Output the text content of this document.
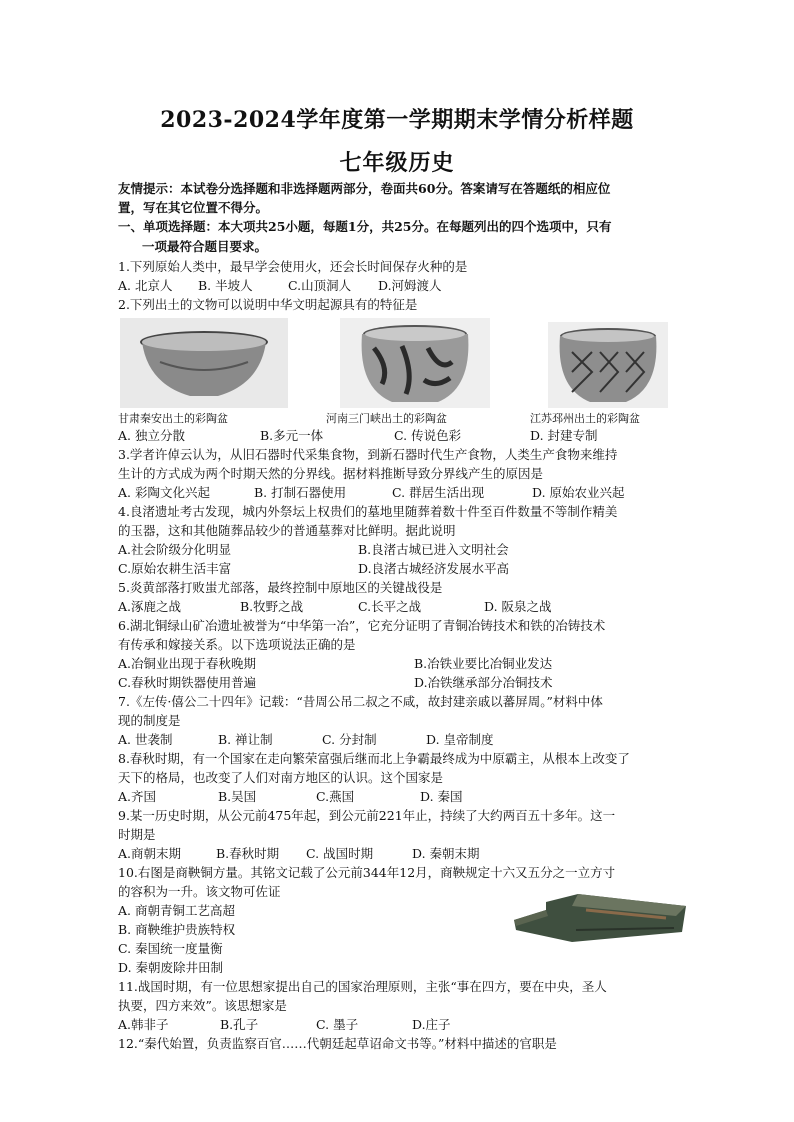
2023-2024学年度第一学期期末学情分析样题
七年级历史
友情提示：本试卷分选择题和非选择题两部分，卷面共60分。答案请写在答题纸的相应位
置，写在其它位置不得分。
一、单项选择题：本大项共25小题，每题1分，共25分。在每题列出的四个选项中，只有
一项最符合题目要求。
1.下列原始人类中，最早学会使用火，还会长时间保存火种的是
A. 北京人 B. 半坡人	C.山顶洞人 D.河姆渡人
2.下列出土的文物可以说明中华文明起源具有的特征是
甘肃秦安出土的彩陶盆	河南三门峡出土的彩陶盆	江苏邳州出土的彩陶盆
A. 独立分散	B.多元一体	C. 传说色彩	D. 封建专制
3.学者许倬云认为，从旧石器时代采集食物，到新石器时代生产食物，人类生产食物来维持
生计的方式成为两个时期天然的分界线。据材料推断导致分界线产生的原因是
A. 彩陶文化兴起	B. 打制石器使用	C. 群居生活出现	D. 原始农业兴起
4.良渚遗址考古发现，城内外祭坛上权贵们的墓地里随葬着数十件至百件数量不等制作精美
的玉器，这和其他随葬品较少的普通墓葬对比鲜明。据此说明
A.社会阶级分化明显	B.良渚古城已进入文明社会
C.原始农耕生活丰富	D.良渚古城经济发展水平高
5.炎黄部落打败蚩尤部落，最终控制中原地区的关键战役是
A.涿鹿之战	B.牧野之战	C.长平之战	D. 阪泉之战
6.湖北铜绿山矿冶遗址被誉为“中华第一冶”，它充分证明了青铜冶铸技术和铁的冶铸技术
有传承和嫁接关系。以下选项说法正确的是
A.冶铜业出现于春秋晚期	B.冶铁业要比冶铜业发达
C.春秋时期铁器使用普遍	D.冶铁继承部分冶铜技术
7.《左传·僖公二十四年》记载：“昔周公吊二叔之不咸，故封建亲戚以蕃屏周。”材料中体
现的制度是
A. 世袭制	B. 禅让制	C. 分封制	D. 皇帝制度
8.春秋时期，有一个国家在走向繁荣富强后继而北上争霸最终成为中原霸主，从根本上改变了
天下的格局，也改变了人们对南方地区的认识。这个国家是
A.齐国	B.吴国	C.燕国	D. 秦国
9.某一历史时期，从公元前475年起，到公元前221年止，持续了大约两百五十多年。这一
时期是
A.商朝末期	B.春秋时期 C. 战国时期	D. 秦朝末期
10.右图是商鞅铜方量。其铭文记载了公元前344年12月，商鞅规定十六又五分之一立方寸
的容积为一升。该文物可佐证
A. 商朝青铜工艺高超
B. 商鞅维护贵族特权
C. 秦国统一度量衡
D. 秦朝废除井田制
11.战国时期，有一位思想家提出自己的国家治理原则，主张“事在四方，要在中央，圣人
执要，四方来效”。该思想家是
A.韩非子	B.孔子	C. 墨子	D.庄子
12.“秦代始置，负责监察百官……代朝廷起草诏命文书等。”材料中描述的官职是
